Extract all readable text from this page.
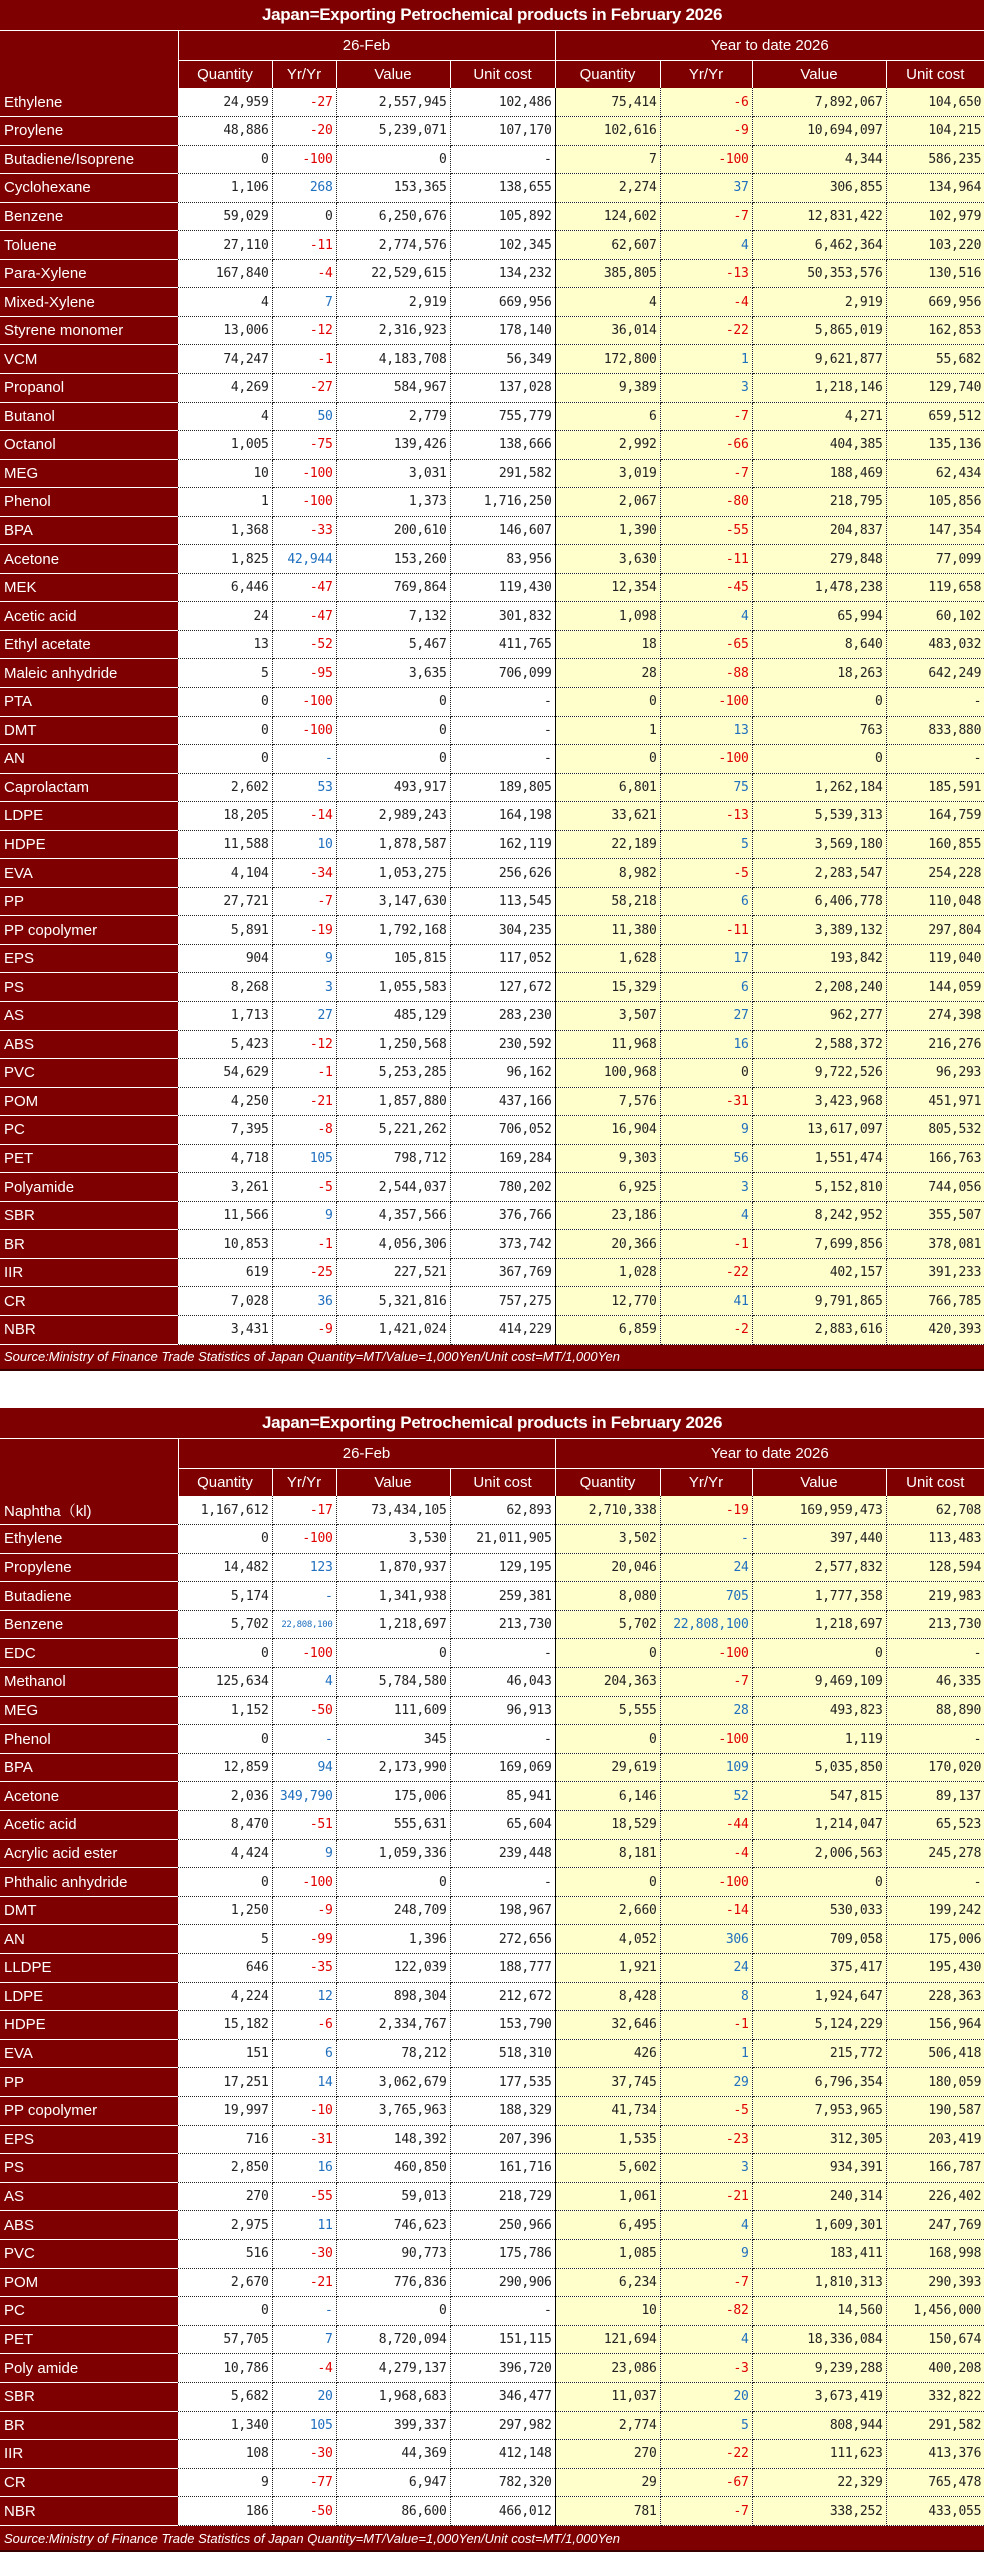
Japan=Exporting Petrochemical products in February 2026								
	26-Feb				Year to date 2026			
	Quantity	Yr/Yr	Value	Unit cost	Quantity	Yr/Yr	Value	Unit cost
Ethylene	24,959	-27	2,557,945	102,486	75,414	-6	7,892,067	104,650
Proylene	48,886	-20	5,239,071	107,170	102,616	-9	10,694,097	104,215
Butadiene/Isoprene	0	-100	0	-	7	-100	4,344	586,235
Cyclohexane	1,106	268	153,365	138,655	2,274	37	306,855	134,964
Benzene	59,029	0	6,250,676	105,892	124,602	-7	12,831,422	102,979
Toluene	27,110	-11	2,774,576	102,345	62,607	4	6,462,364	103,220
Para-Xylene	167,840	-4	22,529,615	134,232	385,805	-13	50,353,576	130,516
Mixed-Xylene	4	7	2,919	669,956	4	-4	2,919	669,956
Styrene monomer	13,006	-12	2,316,923	178,140	36,014	-22	5,865,019	162,853
VCM	74,247	-1	4,183,708	56,349	172,800	1	9,621,877	55,682
Propanol	4,269	-27	584,967	137,028	9,389	3	1,218,146	129,740
Butanol	4	50	2,779	755,779	6	-7	4,271	659,512
Octanol	1,005	-75	139,426	138,666	2,992	-66	404,385	135,136
MEG	10	-100	3,031	291,582	3,019	-7	188,469	62,434
Phenol	1	-100	1,373	1,716,250	2,067	-80	218,795	105,856
BPA	1,368	-33	200,610	146,607	1,390	-55	204,837	147,354
Acetone	1,825	42,944	153,260	83,956	3,630	-11	279,848	77,099
MEK	6,446	-47	769,864	119,430	12,354	-45	1,478,238	119,658
Acetic acid	24	-47	7,132	301,832	1,098	4	65,994	60,102
Ethyl acetate	13	-52	5,467	411,765	18	-65	8,640	483,032
Maleic anhydride	5	-95	3,635	706,099	28	-88	18,263	642,249
PTA	0	-100	0	-	0	-100	0	-
DMT	0	-100	0	-	1	13	763	833,880
AN	0	-	0	-	0	-100	0	-
Caprolactam	2,602	53	493,917	189,805	6,801	75	1,262,184	185,591
LDPE	18,205	-14	2,989,243	164,198	33,621	-13	5,539,313	164,759
HDPE	11,588	10	1,878,587	162,119	22,189	5	3,569,180	160,855
EVA	4,104	-34	1,053,275	256,626	8,982	-5	2,283,547	254,228
PP	27,721	-7	3,147,630	113,545	58,218	6	6,406,778	110,048
PP copolymer	5,891	-19	1,792,168	304,235	11,380	-11	3,389,132	297,804
EPS	904	9	105,815	117,052	1,628	17	193,842	119,040
PS	8,268	3	1,055,583	127,672	15,329	6	2,208,240	144,059
AS	1,713	27	485,129	283,230	3,507	27	962,277	274,398
ABS	5,423	-12	1,250,568	230,592	11,968	16	2,588,372	216,276
PVC	54,629	-1	5,253,285	96,162	100,968	0	9,722,526	96,293
POM	4,250	-21	1,857,880	437,166	7,576	-31	3,423,968	451,971
PC	7,395	-8	5,221,262	706,052	16,904	9	13,617,097	805,532
PET	4,718	105	798,712	169,284	9,303	56	1,551,474	166,763
Polyamide	3,261	-5	2,544,037	780,202	6,925	3	5,152,810	744,056
SBR	11,566	9	4,357,566	376,766	23,186	4	8,242,952	355,507
BR	10,853	-1	4,056,306	373,742	20,366	-1	7,699,856	378,081
IIR	619	-25	227,521	367,769	1,028	-22	402,157	391,233
CR	7,028	36	5,321,816	757,275	12,770	41	9,791,865	766,785
NBR	3,431	-9	1,421,024	414,229	6,859	-2	2,883,616	420,393
Source:Ministry of Finance Trade Statistics of Japan Quantity=MT/Value=1,000Yen/Unit cost=MT/1,000Yen								
Japan=Exporting Petrochemical products in February 2026								
	26-Feb				Year to date 2026			
	Quantity	Yr/Yr	Value	Unit cost	Quantity	Yr/Yr	Value	Unit cost
Naphtha（kl)	1,167,612	-17	73,434,105	62,893	2,710,338	-19	169,959,473	62,708
Ethylene	0	-100	3,530	21,011,905	3,502	-	397,440	113,483
Propylene	14,482	123	1,870,937	129,195	20,046	24	2,577,832	128,594
Butadiene	5,174	-	1,341,938	259,381	8,080	705	1,777,358	219,983
Benzene	5,702	22,808,100	1,218,697	213,730	5,702	22,808,100	1,218,697	213,730
EDC	0	-100	0	-	0	-100	0	-
Methanol	125,634	4	5,784,580	46,043	204,363	-7	9,469,109	46,335
MEG	1,152	-50	111,609	96,913	5,555	28	493,823	88,890
Phenol	0	-	345	-	0	-100	1,119	-
BPA	12,859	94	2,173,990	169,069	29,619	109	5,035,850	170,020
Acetone	2,036	349,790	175,006	85,941	6,146	52	547,815	89,137
Acetic acid	8,470	-51	555,631	65,604	18,529	-44	1,214,047	65,523
Acrylic acid ester	4,424	9	1,059,336	239,448	8,181	-4	2,006,563	245,278
Phthalic anhydride	0	-100	0	-	0	-100	0	-
DMT	1,250	-9	248,709	198,967	2,660	-14	530,033	199,242
AN	5	-99	1,396	272,656	4,052	306	709,058	175,006
LLDPE	646	-35	122,039	188,777	1,921	24	375,417	195,430
LDPE	4,224	12	898,304	212,672	8,428	8	1,924,647	228,363
HDPE	15,182	-6	2,334,767	153,790	32,646	-1	5,124,229	156,964
EVA	151	6	78,212	518,310	426	1	215,772	506,418
PP	17,251	14	3,062,679	177,535	37,745	29	6,796,354	180,059
PP copolymer	19,997	-10	3,765,963	188,329	41,734	-5	7,953,965	190,587
EPS	716	-31	148,392	207,396	1,535	-23	312,305	203,419
PS	2,850	16	460,850	161,716	5,602	3	934,391	166,787
AS	270	-55	59,013	218,729	1,061	-21	240,314	226,402
ABS	2,975	11	746,623	250,966	6,495	4	1,609,301	247,769
PVC	516	-30	90,773	175,786	1,085	9	183,411	168,998
POM	2,670	-21	776,836	290,906	6,234	-7	1,810,313	290,393
PC	0	-	0	-	10	-82	14,560	1,456,000
PET	57,705	7	8,720,094	151,115	121,694	4	18,336,084	150,674
Poly amide	10,786	-4	4,279,137	396,720	23,086	-3	9,239,288	400,208
SBR	5,682	20	1,968,683	346,477	11,037	20	3,673,419	332,822
BR	1,340	105	399,337	297,982	2,774	5	808,944	291,582
IIR	108	-30	44,369	412,148	270	-22	111,623	413,376
CR	9	-77	6,947	782,320	29	-67	22,329	765,478
NBR	186	-50	86,600	466,012	781	-7	338,252	433,055
Source:Ministry of Finance Trade Statistics of Japan Quantity=MT/Value=1,000Yen/Unit cost=MT/1,000Yen								
